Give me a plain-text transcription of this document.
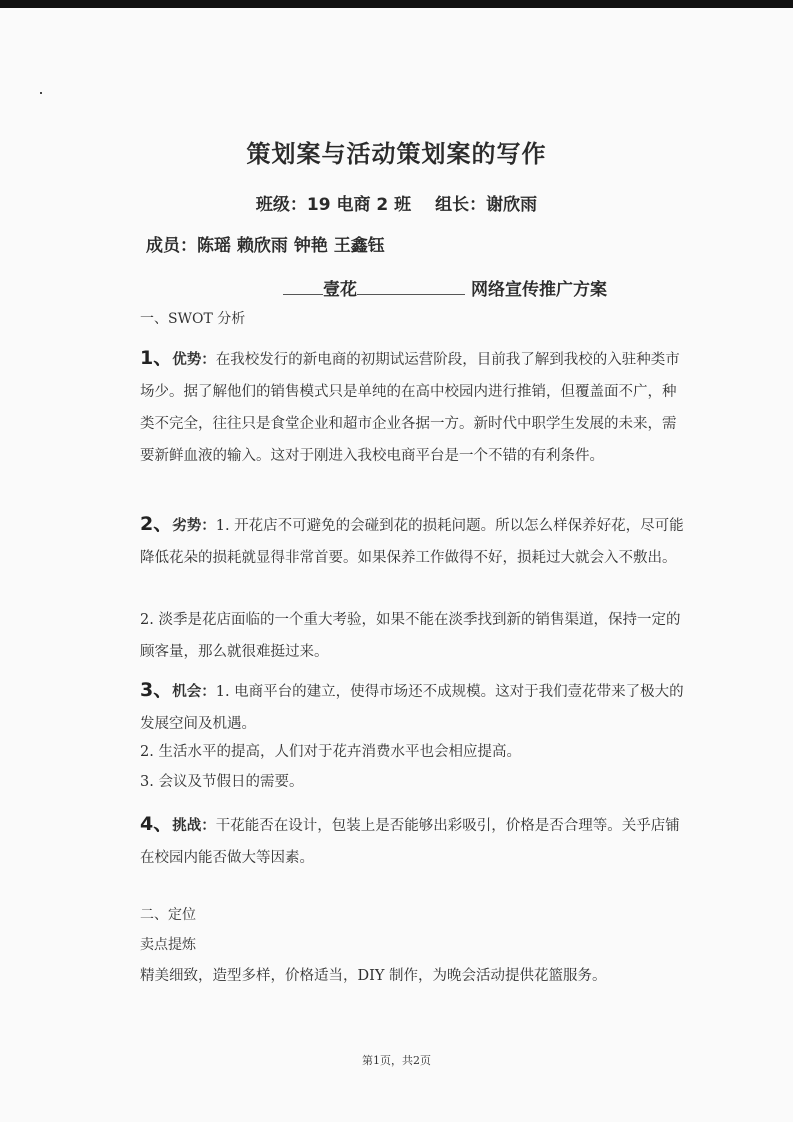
策划案与活动策划案的写作
班级：19 电商 2 班 组长：谢欣雨
成员：陈瑶 赖欣雨 钟艳 王鑫钰
壹花	网络宣传推广方案
一、SWOT 分析
1、优势：在我校发行的新电商的初期试运营阶段，目前我了解到我校的入驻种类市场少。据了解他们的销售模式只是单纯的在高中校园内进行推销，但覆盖面不广，种类不完全，往往只是食堂企业和超市企业各据一方。新时代中职学生发展的未来，需要新鲜血液的输入。这对于刚进入我校电商平台是一个不错的有利条件。
2、劣势：1. 开花店不可避免的会碰到花的损耗问题。所以怎么样保养好花，尽可能降低花朵的损耗就显得非常首要。如果保养工作做得不好，损耗过大就会入不敷出。
2. 淡季是花店面临的一个重大考验，如果不能在淡季找到新的销售渠道，保持一定的顾客量，那么就很难挺过来。
3、机会：1. 电商平台的建立，使得市场还不成规模。这对于我们壹花带来了极大的发展空间及机遇。
2. 生活水平的提高，人们对于花卉消费水平也会相应提高。
3. 会议及节假日的需要。
4、挑战：干花能否在设计，包装上是否能够出彩吸引，价格是否合理等。关乎店铺在校园内能否做大等因素。
二、定位
卖点提炼
精美细致，造型多样，价格适当，DIY 制作，为晚会活动提供花篮服务。
第1页，共2页
